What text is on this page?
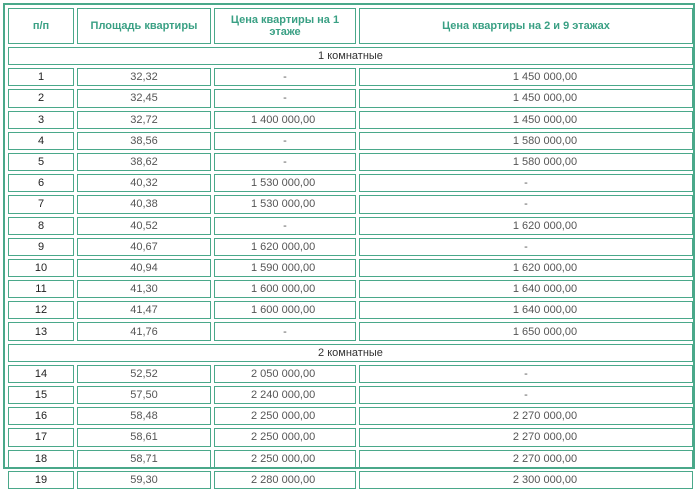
п/п	Площадь квартиры	Цена квартиры на 1 этаже	Цена квартиры на 2 и 9 этажах
1 комнатные			
1	32,32	-	1 450 000,00
2	32,45	-	1 450 000,00
3	32,72	1 400 000,00	1 450 000,00
4	38,56	-	1 580 000,00
5	38,62	-	1 580 000,00
6	40,32	1 530 000,00	-
7	40,38	1 530 000,00	-
8	40,52	-	1 620 000,00
9	40,67	1 620 000,00	-
10	40,94	1 590 000,00	1 620 000,00
11	41,30	1 600 000,00	1 640 000,00
12	41,47	1 600 000,00	1 640 000,00
13	41,76	-	1 650 000,00
2 комнатные			
14	52,52	2 050 000,00	-
15	57,50	2 240 000,00	-
16	58,48	2 250 000,00	2 270 000,00
17	58,61	2 250 000,00	2 270 000,00
18	58,71	2 250 000,00	2 270 000,00
19	59,30	2 280 000,00	2 300 000,00
